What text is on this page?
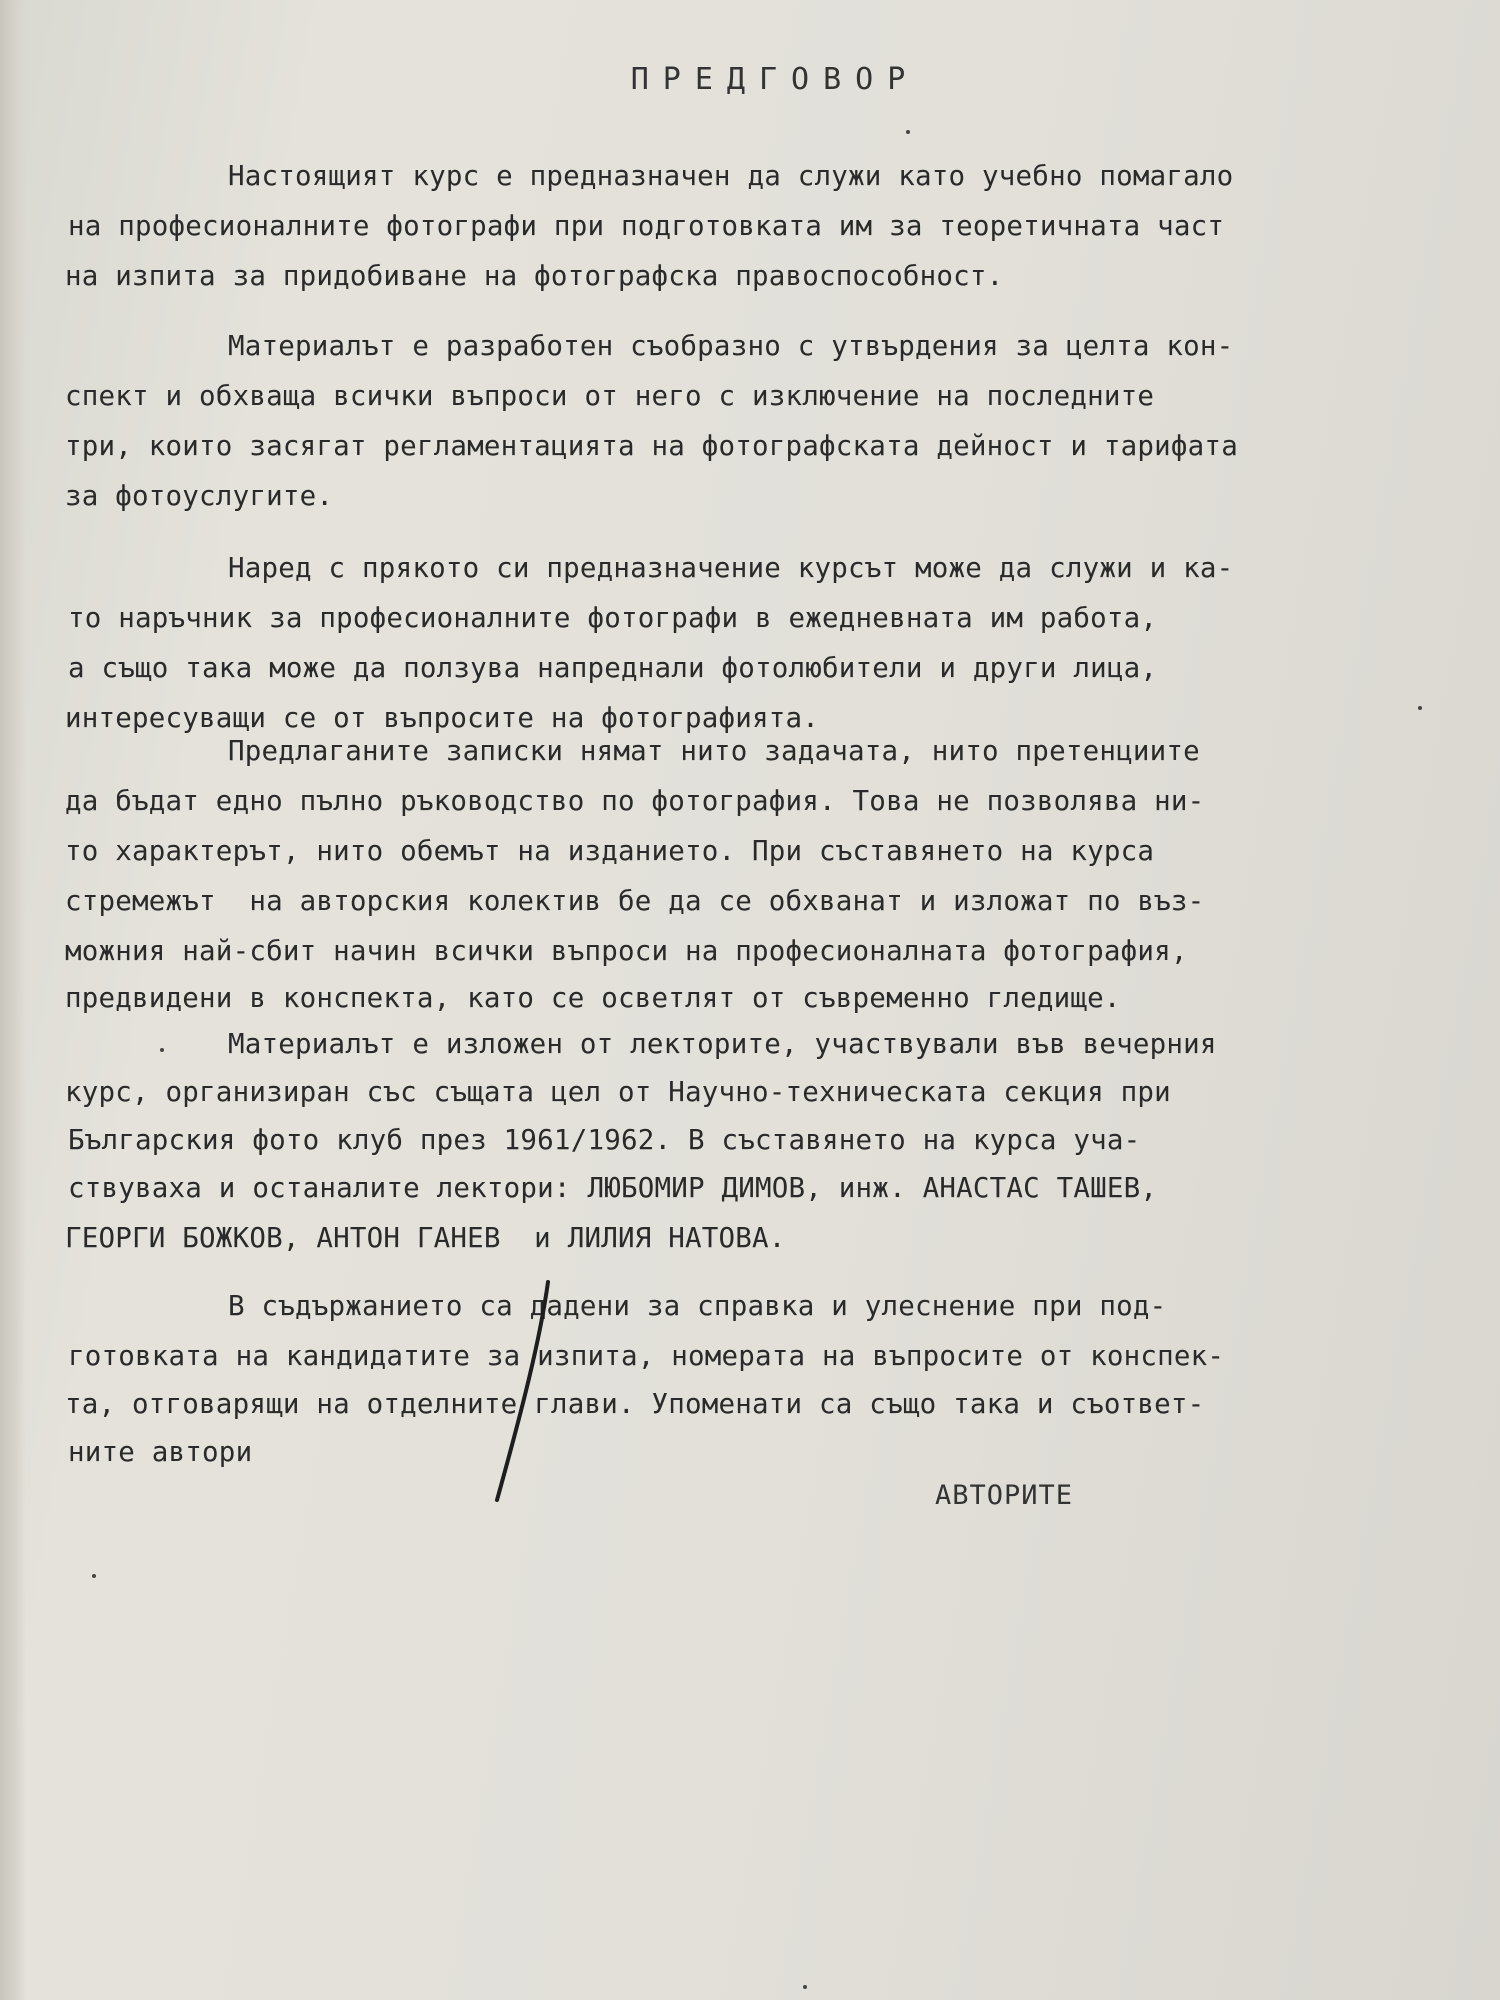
ПРЕДГОВОР
Настоящият курс е предназначен да служи като учебно помагало
на професионалните фотографи при подготовката им за теоретичната част
на изпита за придобиване на фотографска правоспособност.
Материалът е разработен съобразно с утвърдения за целта кон-
спект и обхваща всички въпроси от него с изключение на последните
три, които засягат регламентацията на фотографската дейност и тарифата
за фотоуслугите.
Наред с прякото си предназначение курсът може да служи и ка-
то наръчник за професионалните фотографи в ежедневната им работа,
а също така може да ползува напреднали фотолюбители и други лица,
интересуващи се от въпросите на фотографията.
Предлаганите записки нямат нито задачата, нито претенциите
да бъдат едно пълно ръководство по фотография. Това не позволява ни-
то характерът, нито обемът на изданието. При съставянето на курса
стремежът  на авторския колектив бе да се обхванат и изложат по въз-
можния най-сбит начин всички въпроси на професионалната фотография,
предвидени в конспекта, като се осветлят от съвременно гледище.
Материалът е изложен от лекторите, участвували във вечерния
курс, организиран със същата цел от Научно-техническата секция при
Българския фото клуб през 1961/1962. В съставянето на курса уча-
ствуваха и останалите лектори: ЛЮБОМИР ДИМОВ, инж. АНАСТАС ТАШЕВ,
ГЕОРГИ БОЖКОВ, АНТОН ГАНЕВ  и ЛИЛИЯ НАТОВА.
В съдържанието са дадени за справка и улеснение при под-
готовката на кандидатите за изпита, номерата на въпросите от конспек-
та, отговарящи на отделните глави. Упоменати са също така и съответ-
ните автори
АВТОРИТЕ
